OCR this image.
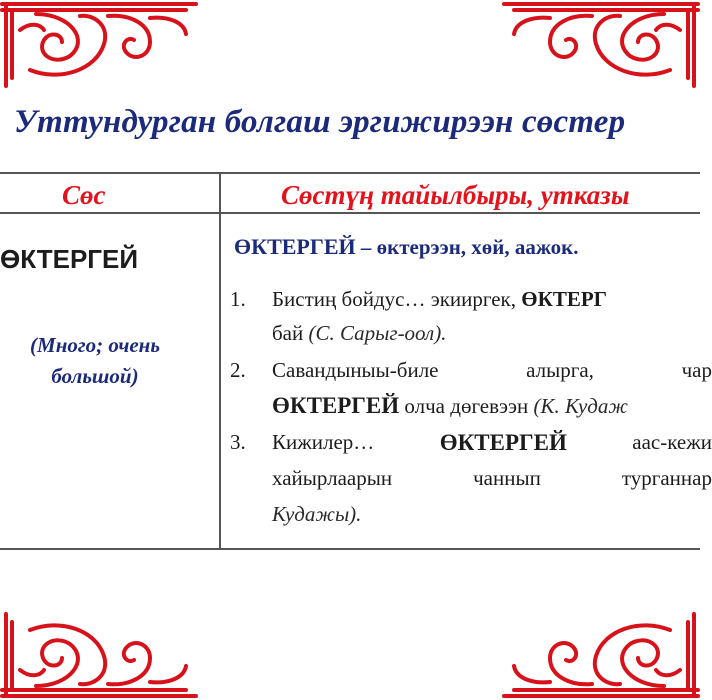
Уттундурган болгаш эргижирээн сөстер
Сөс	Сөстүң тайылбыры, утказы
ӨКТЕРГЕЙ
(Много; очень большой)
ӨКТЕРГЕЙ – өктерээн, хөй, аажок.
1. Бистиң бойдус… экииргек, ӨКТЕРГ
бай (С. Сарыг-оол).
2. Савандыныы-биле	алырга,	чар
ӨКТЕРГЕЙ олча дөгевээн (К. Кудаж
3. Кижилер…	ӨКТЕРГЕЙ	аас-кежи
хайырлаарын	чаннып	турганнар
Кудажы).
